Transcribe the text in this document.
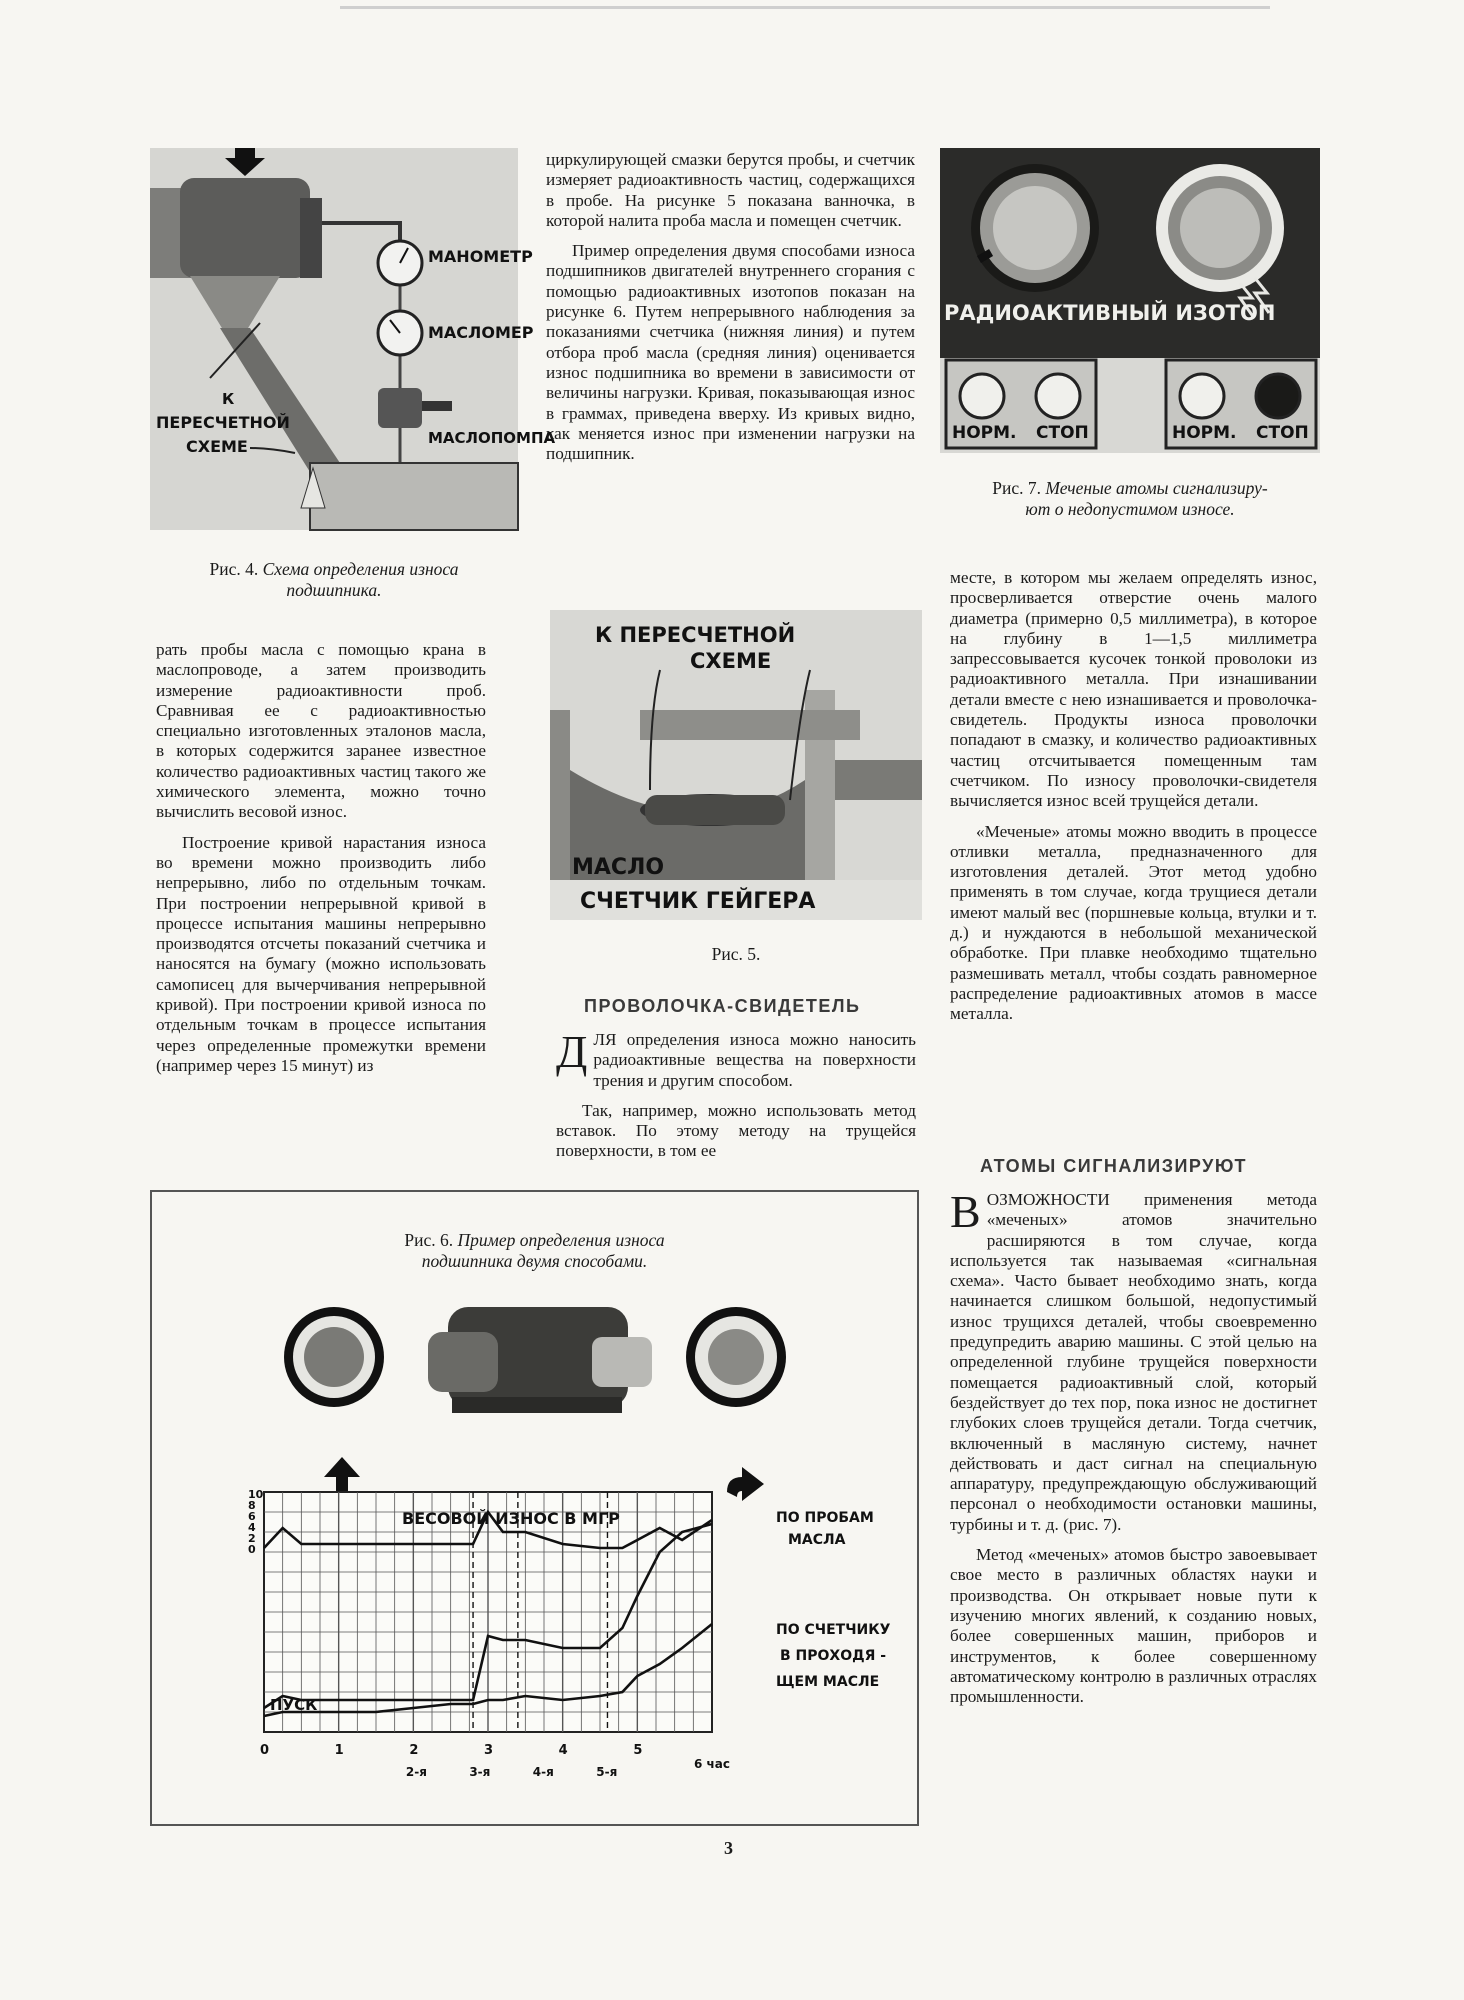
МАНОМЕТР
МАСЛОМЕР
МАСЛОПОМПА
К
ПЕРЕСЧЕТНОЙ
СХЕМЕ
Рис. 4. Схема определения износа
подшипника.

рать пробы масла с помощью крана в маслопроводе, а затем производить измерение радиоактивности проб. Сравнивая ее с радиоактивностью специально изготовленных эталонов масла, в которых содержится заранее известное количество радиоактивных частиц такого же химического элемента, можно точно вычислить весовой износ.

Построение кривой нарастания износа во времени можно производить либо непрерывно, либо по отдельным точкам. При построении непрерывной кривой в процессе испытания машины непрерывно производятся отсчеты показаний счетчика и наносятся на бумагу (можно использовать самописец для вычерчивания непрерывной кривой). При построении кривой износа по отдельным точкам в процессе испытания через определенные промежутки времени (например через 15 минут) из

циркулирующей смазки берутся пробы, и счетчик измеряет радиоактивность частиц, содержащихся в пробе. На рисунке 5 показана ванночка, в которой налита проба масла и помещен счетчик.

Пример определения двумя способами износа подшипников двигателей внутреннего сгорания с помощью радиоактивных изотопов показан на рисунке 6. Путем непрерывного наблюдения за показаниями счетчика (нижняя линия) и путем отбора проб масла (средняя линия) оценивается износ подшипника во времени в зависимости от величины нагрузки. Кривая, показывающая износ в граммах, приведена вверху. Из кривых видно, как меняется износ при изменении нагрузки на подшипник.

К ПЕРЕСЧЕТНОЙ
СХЕМЕ
МАСЛО
СЧЕТЧИК ГЕЙГЕРА
Рис. 5.
ПРОВОЛОЧКА-СВИДЕТЕЛЬ

ДЛЯ определения износа можно наносить радиоактивные вещества на поверхности трения и другим способом.

Так, например, можно использовать метод вставок. По этому методу на трущейся поверхности, в том ее

РАДИОАКТИВНЫЙ ИЗОТОП
НОРМ. СТОП	НОРМ. СТОП
Рис. 7. Меченые атомы сигнализиру-
ют о недопустимом износе.

месте, в котором мы желаем определять износ, просверливается отверстие очень малого диаметра (примерно 0,5 миллиметра), в которое на глубину в 1—1,5 миллиметра запрессовывается кусочек тонкой проволоки из радиоактивного металла. При изнашивании детали вместе с нею изнашивается и проволочка-свидетель. Продукты износа проволочки попадают в смазку, и количество радиоактивных частиц отсчитывается помещенным там счетчиком. По износу проволочки-свидетеля вычисляется износ всей трущейся детали.

«Меченые» атомы можно вводить в процессе отливки металла, предназначенного для изготовления деталей. Этот метод удобно применять в том случае, когда трущиеся детали имеют малый вес (поршневые кольца, втулки и т. д.) и нуждаются в небольшой механической обработке. При плавке необходимо тщательно размешивать металл, чтобы создать равномерное распределение радиоактивных атомов в массе металла.

АТОМЫ СИГНАЛИЗИРУЮТ

ВОЗМОЖНОСТИ применения метода «меченых» атомов значительно расширяются в том случае, когда используется так называемая «сигнальная схема». Часто бывает необходимо знать, когда начинается слишком большой, недопустимый износ трущихся деталей, чтобы своевременно предупредить аварию машины. С этой целью на определенной глубине трущейся поверхности помещается радиоактивный слой, который бездействует до тех пор, пока износ не достигнет глубоких слоев трущейся детали. Тогда счетчик, включенный в масляную систему, начнет действовать и даст сигнал на специальную аппаратуру, предупреждающую обслуживающий персонал о необходимости остановки машины, турбины и т. д. (рис. 7).

Метод «меченых» атомов быстро завоевывает свое место в различных областях науки и производства. Он открывает новые пути к изучению многих явлений, к созданию новых, более совершенных машин, приборов и инструментов, к более совершенному автоматическому контролю в различных отраслях промышленности.

Рис. 6. Пример определения износа
подшипника двумя способами.
ВЕСОВОЙ ИЗНОС В МГР	ПО ПРОБАМ
МАСЛА
ПО СЧЕТЧИКУ
В ПРОХОДЯ -
ЩЕМ МАСЛЕ
ПУСК
6 час
10
8
6
4
2
0
0	1	2	3	4	5
2-я	3-я	4-я	5-я
3
